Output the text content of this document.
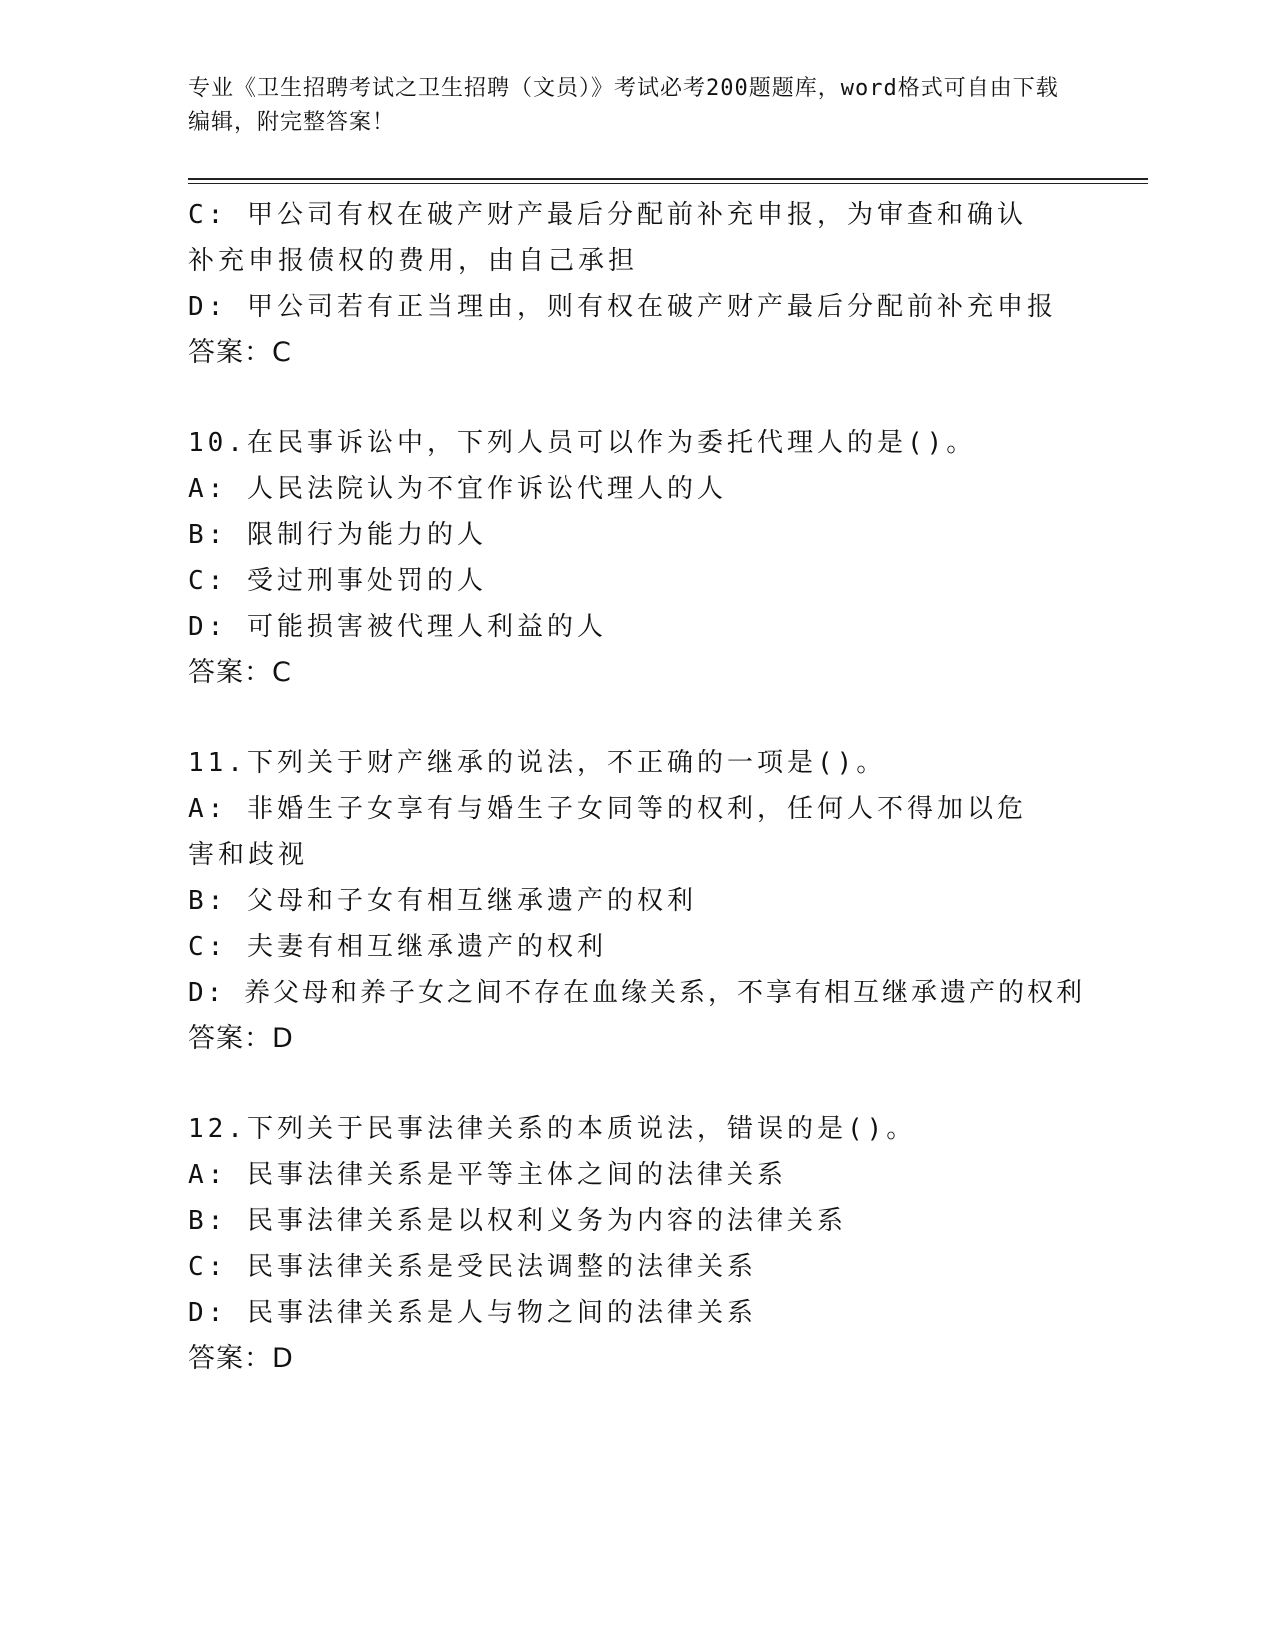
专业《卫生招聘考试之卫生招聘（文员）》考试必考200题题库，word格式可自由下载编辑，附完整答案！
C: 甲公司有权在破产财产最后分配前补充申报，为审查和确认补充申报债权的费用，由自己承担
D: 甲公司若有正当理由，则有权在破产财产最后分配前补充申报
答案：C
10.在民事诉讼中，下列人员可以作为委托代理人的是()。
A: 人民法院认为不宜作诉讼代理人的人
B: 限制行为能力的人
C: 受过刑事处罚的人
D: 可能损害被代理人利益的人
答案：C
11.下列关于财产继承的说法，不正确的一项是()。
A: 非婚生子女享有与婚生子女同等的权利，任何人不得加以危害和歧视
B: 父母和子女有相互继承遗产的权利
C: 夫妻有相互继承遗产的权利
D: 养父母和养子女之间不存在血缘关系，不享有相互继承遗产的权利
答案：D
12.下列关于民事法律关系的本质说法，错误的是()。
A: 民事法律关系是平等主体之间的法律关系
B: 民事法律关系是以权利义务为内容的法律关系
C: 民事法律关系是受民法调整的法律关系
D: 民事法律关系是人与物之间的法律关系
答案：D
